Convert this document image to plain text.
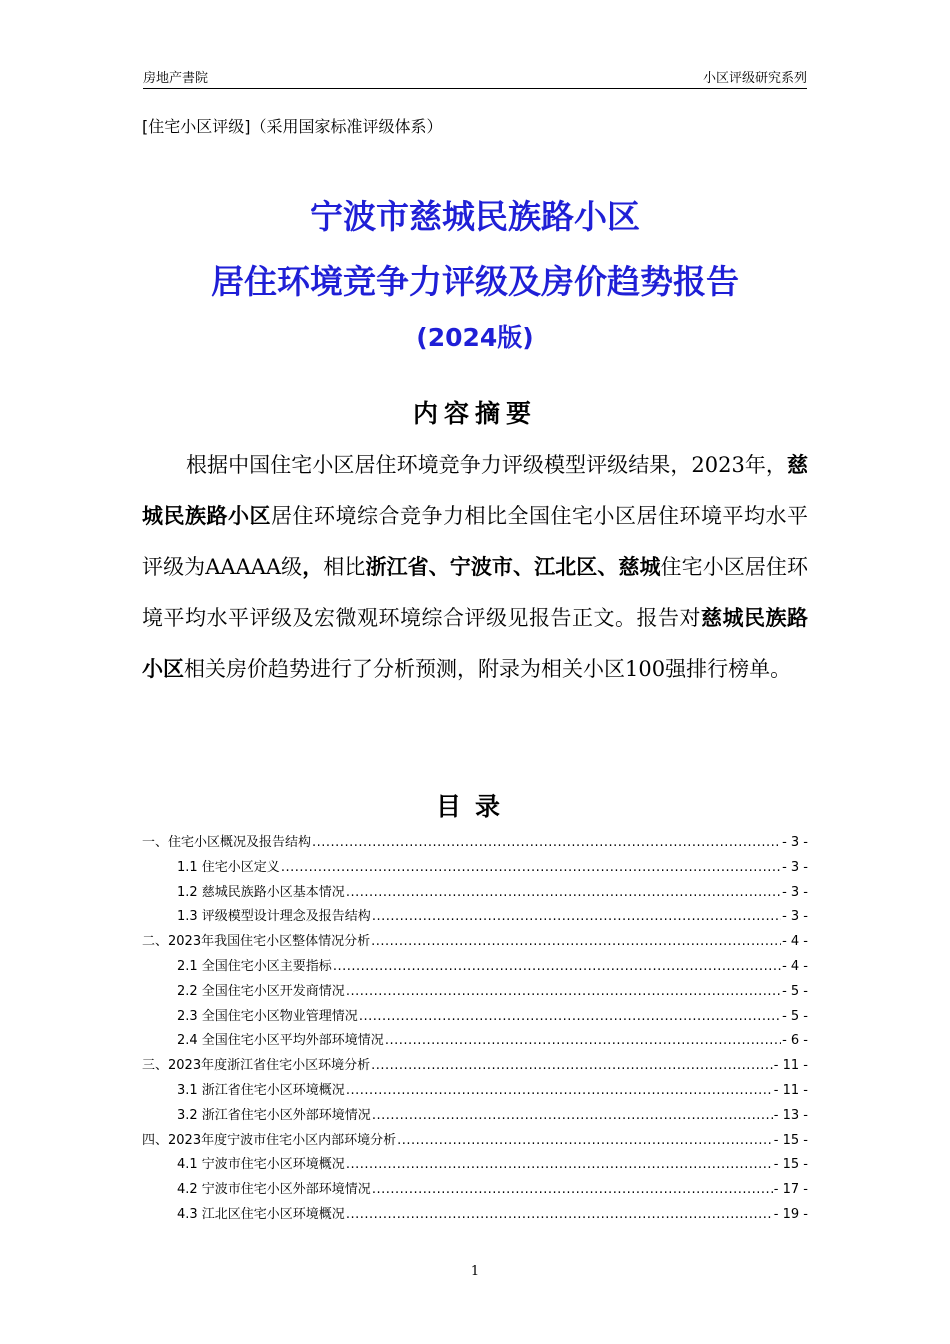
房地产書院	小区评级研究系列
[住宅小区评级]（采用国家标准评级体系）
宁波市慈城民族路小区
居住环境竞争力评级及房价趋势报告
(2024版)
内容摘要

根据中国住宅小区居住环境竞争力评级模型评级结果，2023年，慈城民族路小区居住环境综合竞争力相比全国住宅小区居住环境平均水平评级为AAAAA级，相比浙江省、宁波市、江北区、慈城住宅小区居住环境平均水平评级及宏微观环境综合评级见报告正文。报告对慈城民族路小区相关房价趋势进行了分析预测，附录为相关小区100强排行榜单。

目录
一、住宅小区概况及报告结构 .....	- 3 -
1.1 住宅小区定义 .....	- 3 -
1.2 慈城民族路小区基本情况 .....	- 3 -
1.3 评级模型设计理念及报告结构 .....	- 3 -
二、2023年我国住宅小区整体情况分析 .....	- 4 -
2.1 全国住宅小区主要指标 .....	- 4 -
2.2 全国住宅小区开发商情况 .....	- 5 -
2.3 全国住宅小区物业管理情况 .....	- 5 -
2.4 全国住宅小区平均外部环境情况 .....	- 6 -
三、2023年度浙江省住宅小区环境分析 .....	- 11 -
3.1 浙江省住宅小区环境概况 .....	- 11 -
3.2 浙江省住宅小区外部环境情况 .....	- 13 -
四、2023年度宁波市住宅小区内部环境分析 .....	- 15 -
4.1 宁波市住宅小区环境概况 .....	- 15 -
4.2 宁波市住宅小区外部环境情况 .....	- 17 -
4.3 江北区住宅小区环境概况 .....	- 19 -
1
